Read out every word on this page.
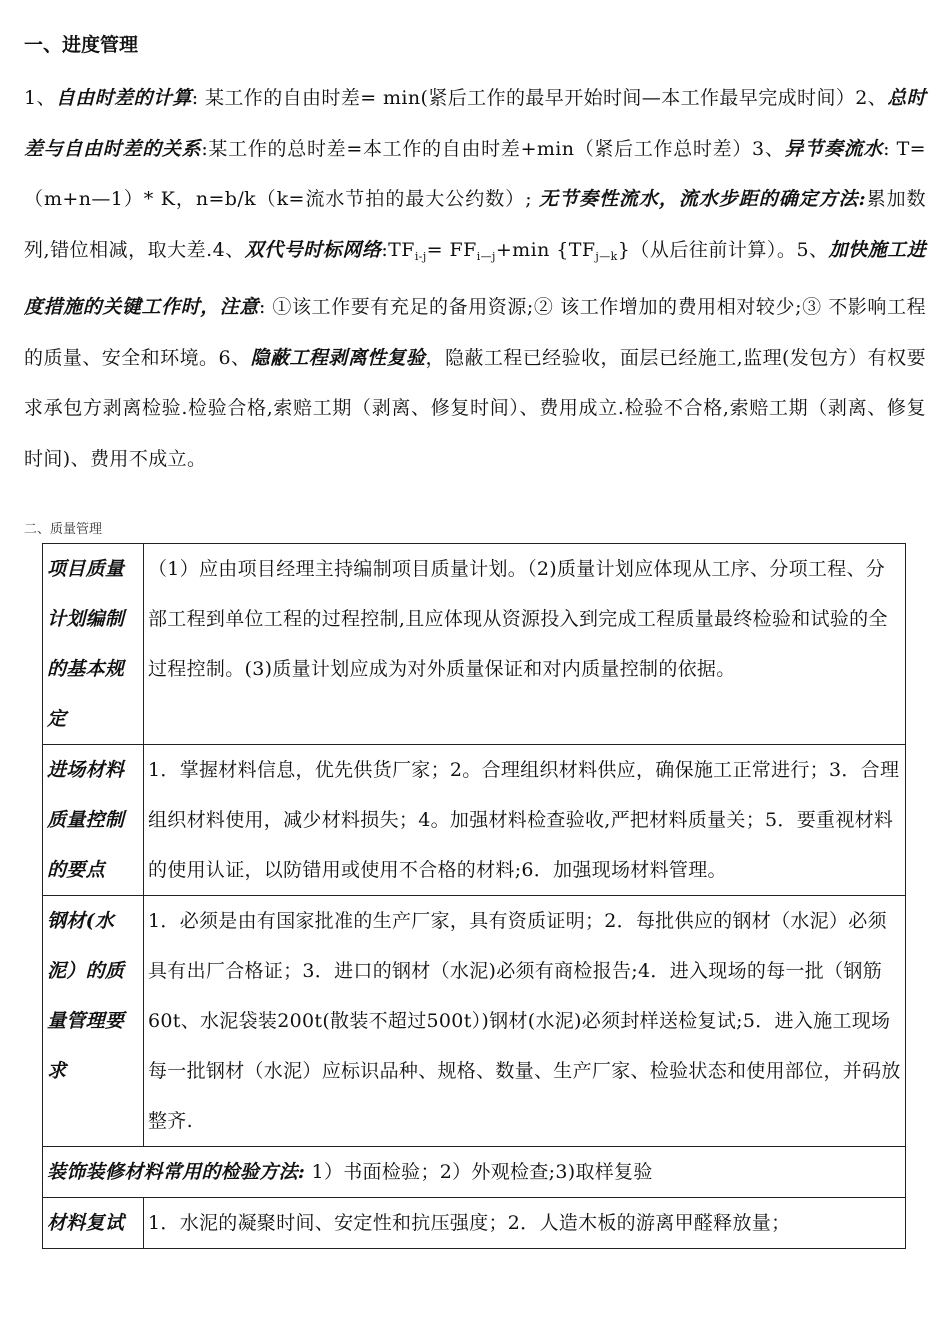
一、进度管理
1、自由时差的计算: 某工作的自由时差= min(紧后工作的最早开始时间—本工作最早完成时间）2、总时差与自由时差的关系:某工作的总时差=本工作的自由时差+min（紧后工作总时差）3、异节奏流水: T=（m+n—1）* K，n=b/k（k=流水节拍的最大公约数）; 无节奏性流水，流水步距的确定方法:累加数列,错位相减，取大差.4、双代号时标网络$:TF_{i-j}= FF_{i—j}+\min$ $\{TF_{j—k}\}$（从后往前计算）。5、加快施工进度措施的关键工作时，注意: ①该工作要有充足的备用资源;② 该工作增加的费用相对较少;③ 不影响工程的质量、安全和环境。6、隐蔽工程剥离性复验，隐蔽工程已经验收，面层已经施工,监理(发包方）有权要求承包方剥离检验.检验合格,索赔工期（剥离、修复时间）、费用成立.检验不合格,索赔工期（剥离、修复时间)、费用不成立。
二、质量管理
项目质量计划编制的基本规定	（1）应由项目经理主持编制项目质量计划。（2)质量计划应体现从工序、分项工程、分部工程到单位工程的过程控制,且应体现从资源投入到完成工程质量最终检验和试验的全过程控制。(3)质量计划应成为对外质量保证和对内质量控制的依据。
进场材料质量控制的要点	1．掌握材料信息，优先供货厂家；2。合理组织材料供应，确保施工正常进行；3．合理组织材料使用，减少材料损失；4。加强材料检查验收,严把材料质量关；5．要重视材料的使用认证，以防错用或使用不合格的材料;6．加强现场材料管理。
钢材(水泥）的质量管理要求	1．必须是由有国家批准的生产厂家，具有资质证明；2．每批供应的钢材（水泥）必须具有出厂合格证；3．进口的钢材（水泥)必须有商检报告;4．进入现场的每一批（钢筋60t、水泥袋装200t(散装不超过500t）)钢材(水泥)必须封样送检复试;5．进入施工现场每一批钢材（水泥）应标识品种、规格、数量、生产厂家、检验状态和使用部位，并码放整齐.
装饰装修材料常用的检验方法: 1）书面检验；2）外观检查;3)取样复验	
材料复试	1．水泥的凝聚时间、安定性和抗压强度；2．人造木板的游离甲醛释放量；
